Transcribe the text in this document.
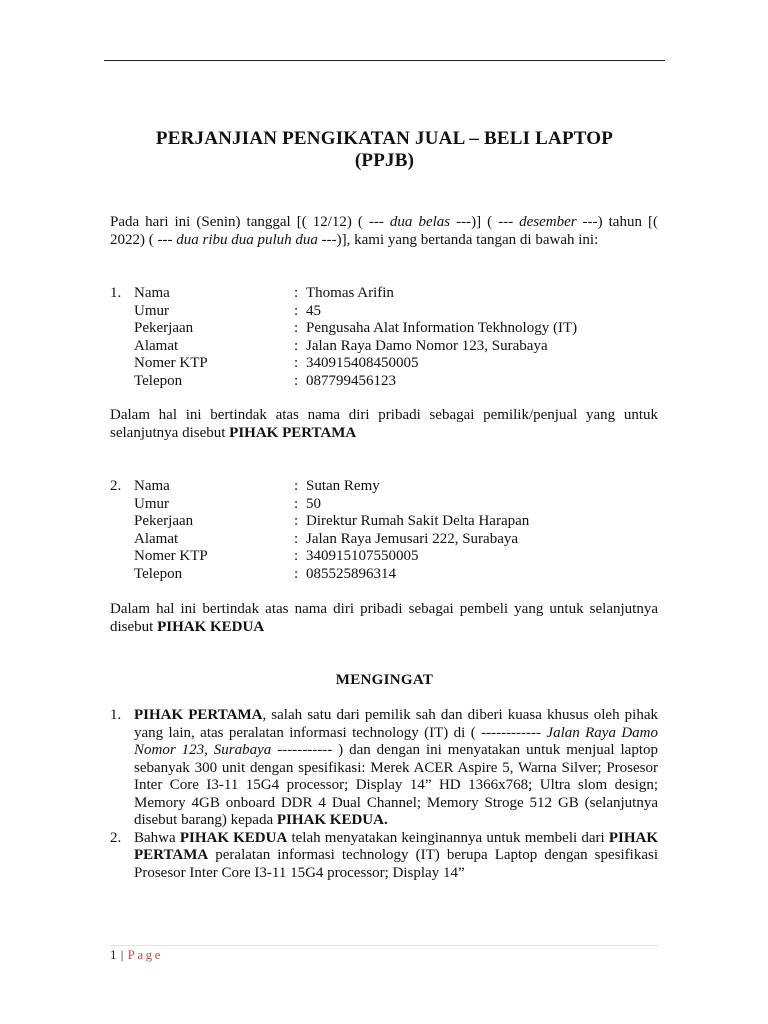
PERJANJIAN PENGIKATAN JUAL – BELI LAPTOP
(PPJB)
Pada hari ini (Senin) tanggal [( 12/12) ( --- dua belas ---)] ( --- desember ---) tahun [( 2022) ( --- dua ribu dua puluh dua ---)], kami yang bertanda tangan di bawah ini:
1. Nama	: Thomas Arifin
Umur	: 45
Pekerjaan	: Pengusaha Alat Information Tekhnology (IT)
Alamat	: Jalan Raya Damo Nomor 123, Surabaya
Nomer KTP	: 340915408450005
Telepon	: 087799456123
Dalam hal ini bertindak atas nama diri pribadi sebagai pemilik/penjual yang untuk selanjutnya disebut PIHAK PERTAMA
2. Nama	: Sutan Remy
Umur	: 50
Pekerjaan	: Direktur Rumah Sakit Delta Harapan
Alamat	: Jalan Raya Jemusari 222, Surabaya
Nomer KTP	: 340915107550005
Telepon	: 085525896314
Dalam hal ini bertindak atas nama diri pribadi sebagai pembeli yang untuk selanjutnya disebut PIHAK KEDUA
MENGINGAT
1. PIHAK PERTAMA, salah satu dari pemilik sah dan diberi kuasa khusus oleh pihak yang lain, atas peralatan informasi technology (IT) di ( ------------ Jalan Raya Damo Nomor 123, Surabaya ----------- ) dan dengan ini menyatakan untuk menjual laptop sebanyak 300 unit dengan spesifikasi: Merek ACER Aspire 5, Warna Silver; Prosesor Inter Core I3-11 15G4 processor; Display 14” HD 1366x768; Ultra slom design; Memory 4GB onboard DDR 4 Dual Channel; Memory Stroge 512 GB (selanjutnya disebut barang) kepada PIHAK KEDUA.
2. Bahwa PIHAK KEDUA telah menyatakan keinginannya untuk membeli dari PIHAK PERTAMA peralatan informasi technology (IT) berupa Laptop dengan spesifikasi Prosesor Inter Core I3-11 15G4 processor; Display 14”
1 | Page
